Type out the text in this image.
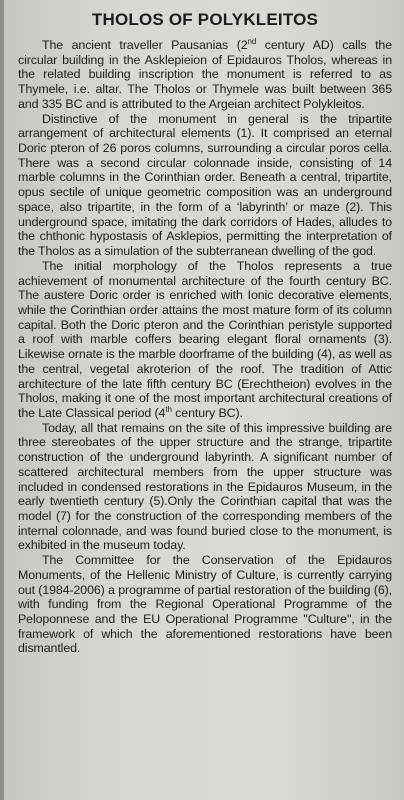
THOLOS OF POLYKLEITOS

The ancient traveller Pausanias (2nd century AD) calls the circular building in the Asklepieion of Epidauros Tholos, whereas in the related building inscription the monument is referred to as Thymele, i.e. altar. The Tholos or Thymele was built between 365 and 335 BC and is attributed to the Argeian architect Polykleitos.

Distinctive of the monument in general is the tripartite arrangement of architectural elements (1). It comprised an eternal Doric pteron of 26 poros columns, surrounding a circular poros cella. There was a second circular colonnade inside, consisting of 14 marble columns in the Corinthian order. Beneath a central, tripartite, opus sectile of unique geometric composition was an underground space, also tripartite, in the form of a ‘labyrinth’ or maze (2). This underground space, imitating the dark corridors of Hades, alludes to the chthonic hypostasis of Asklepios, permitting the interpretation of the Tholos as a simulation of the subterranean dwelling of the god.

The initial morphology of the Tholos represents a true achievement of monumental architecture of the fourth century BC. The austere Doric order is enriched with Ionic decorative elements, while the Corinthian order attains the most mature form of its column capital. Both the Doric pteron and the Corinthian peristyle supported a roof with marble coffers bearing elegant floral ornaments (3). Likewise ornate is the marble doorframe of the building (4), as well as the central, vegetal akroterion of the roof. The tradition of Attic architecture of the late fifth century BC (Erechtheion) evolves in the Tholos, making it one of the most important architectural creations of the Late Classical period (4th century BC).

Today, all that remains on the site of this impressive building are three stereobates of the upper structure and the strange, tripartite construction of the underground labyrinth. A significant number of scattered architectural members from the upper structure was included in condensed restorations in the Epidauros Museum, in the early twentieth century (5).Only the Corinthian capital that was the model (7) for the construction of the corresponding members of the internal colonnade, and was found buried close to the monument, is exhibited in the museum today.

The Committee for the Conservation of the Epidauros Monuments, of the Hellenic Ministry of Culture, is currently carrying out (1984-2006) a programme of partial restoration of the building (6), with funding from the Regional Operational Programme of the Peloponnese and the EU Operational Programme "Culture", in the framework of which the aforementioned restorations have been dismantled.
